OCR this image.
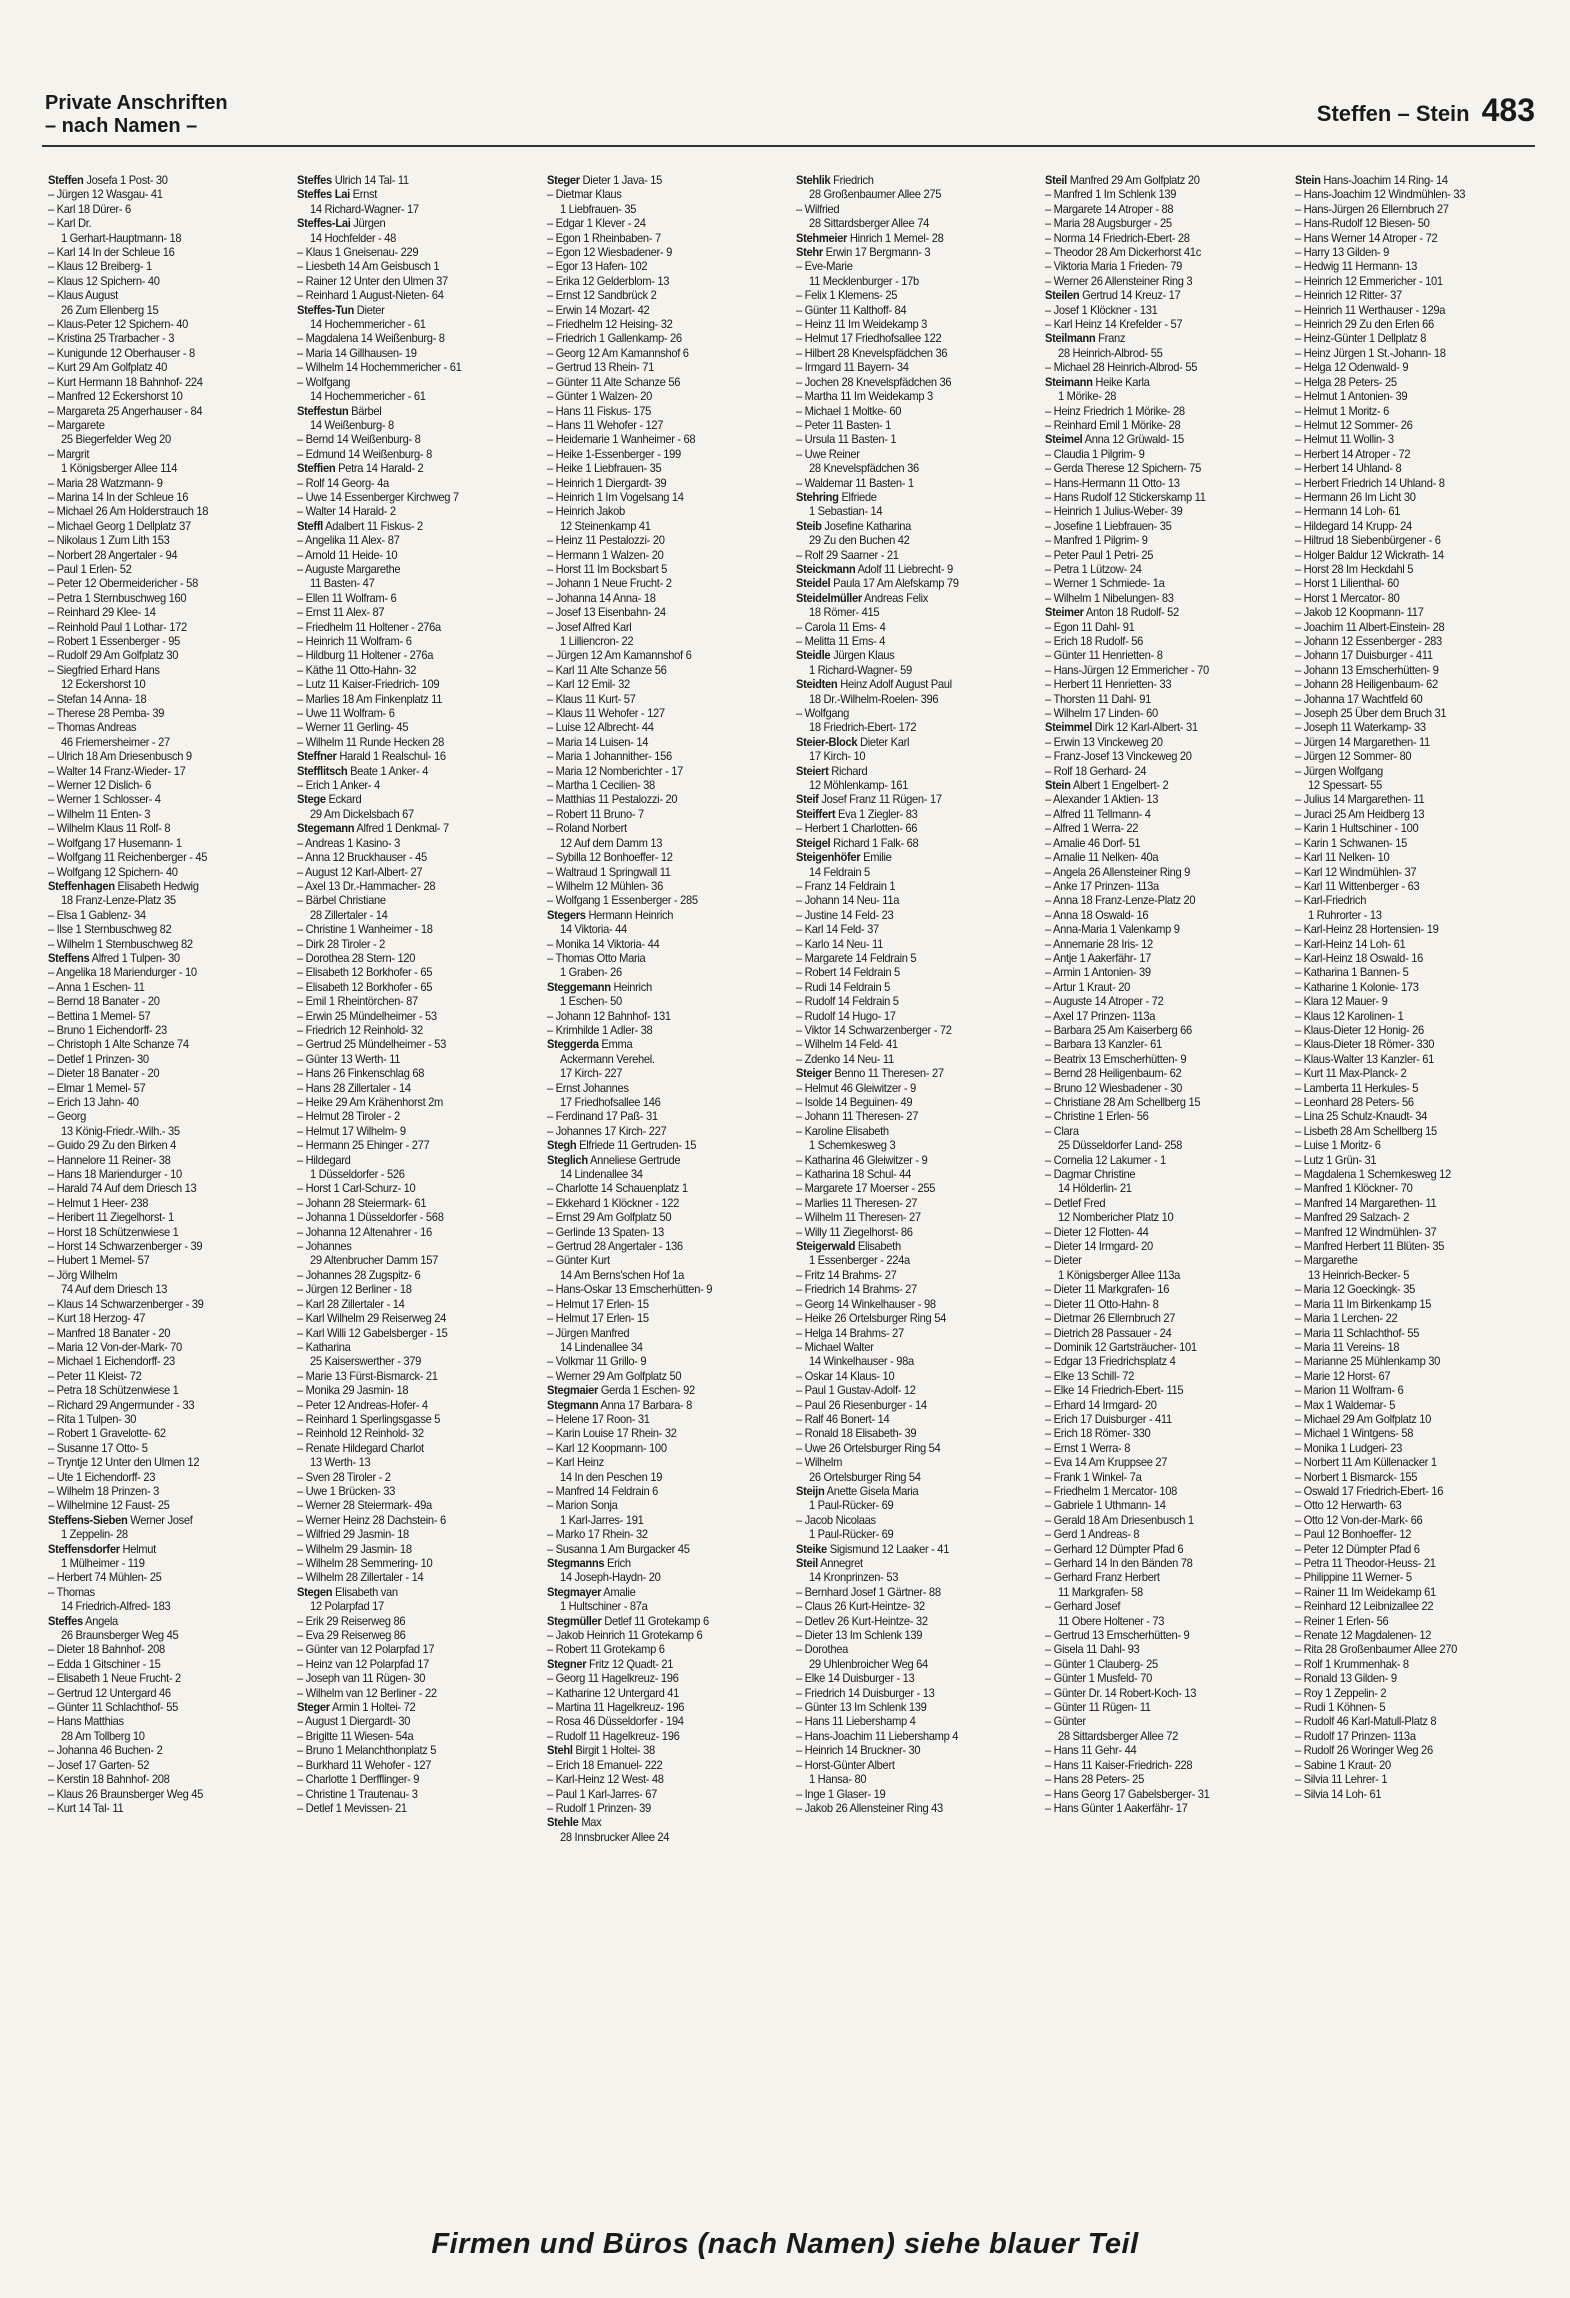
Private Anschriften
– nach Namen –	Steffen – Stein 483
Steffen Josefa 1 Post- 30
– Jürgen 12 Wasgau- 41
– Karl 18 Dürer- 6
– Karl Dr.
1 Gerhart-Hauptmann- 18
– Karl 14 In der Schleue 16
– Klaus 12 Breiberg- 1
– Klaus 12 Spichern- 40
– Klaus August
26 Zum Ellenberg 15
– Klaus-Peter 12 Spichern- 40
– Kristina 25 Trarbacher - 3
– Kunigunde 12 Oberhauser - 8
– Kurt 29 Am Golfplatz 40
– Kurt Hermann 18 Bahnhof- 224
– Manfred 12 Eckershorst 10
– Margareta 25 Angerhauser - 84
– Margarete
25 Biegerfelder Weg 20
– Margrit
1 Königsberger Allee 114
– Maria 28 Watzmann- 9
– Marina 14 In der Schleue 16
– Michael 26 Am Holderstrauch 18
– Michael Georg 1 Dellplatz 37
– Nikolaus 1 Zum Lith 153
– Norbert 28 Angertaler - 94
– Paul 1 Erlen- 52
– Peter 12 Obermeidericher - 58
– Petra 1 Sternbuschweg 160
– Reinhard 29 Klee- 14
– Reinhold Paul 1 Lothar- 172
– Robert 1 Essenberger - 95
– Rudolf 29 Am Golfplatz 30
– Siegfried Erhard Hans
12 Eckershorst 10
– Stefan 14 Anna- 18
– Therese 28 Pemba- 39
– Thomas Andreas
46 Friemersheimer - 27
– Ulrich 18 Am Driesenbusch 9
– Walter 14 Franz-Wieder- 17
– Werner 12 Dislich- 6
– Werner 1 Schlosser- 4
– Wilhelm 11 Enten- 3
– Wilhelm Klaus 11 Rolf- 8
– Wolfgang 17 Husemann- 1
– Wolfgang 11 Reichenberger - 45
– Wolfgang 12 Spichern- 40
Steffenhagen Elisabeth Hedwig
18 Franz-Lenze-Platz 35
– Elsa 1 Gablenz- 34
– Ilse 1 Sternbuschweg 82
– Wilhelm 1 Sternbuschweg 82
Steffens Alfred 1 Tulpen- 30
– Angelika 18 Mariendurger - 10
– Anna 1 Eschen- 11
– Bernd 18 Banater - 20
– Bettina 1 Memel- 57
– Bruno 1 Eichendorff- 23
– Christoph 1 Alte Schanze 74
– Detlef 1 Prinzen- 30
– Dieter 18 Banater - 20
– Elmar 1 Memel- 57
– Erich 13 Jahn- 40
– Georg
13 König-Friedr.-Wilh.- 35
– Guido 29 Zu den Birken 4
– Hannelore 11 Reiner- 38
– Hans 18 Mariendurger - 10
– Harald 74 Auf dem Driesch 13
– Helmut 1 Heer- 238
– Heribert 11 Ziegelhorst- 1
– Horst 18 Schützenwiese 1
– Horst 14 Schwarzenberger - 39
– Hubert 1 Memel- 57
– Jörg Wilhelm
74 Auf dem Driesch 13
– Klaus 14 Schwarzenberger - 39
– Kurt 18 Herzog- 47
– Manfred 18 Banater - 20
– Maria 12 Von-der-Mark- 70
– Michael 1 Eichendorff- 23
– Peter 11 Kleist- 72
– Petra 18 Schützenwiese 1
– Richard 29 Angermunder - 33
– Rita 1 Tulpen- 30
– Robert 1 Gravelotte- 62
– Susanne 17 Otto- 5
– Tryntje 12 Unter den Ulmen 12
– Ute 1 Eichendorff- 23
– Wilhelm 18 Prinzen- 3
– Wilhelmine 12 Faust- 25
Steffens-Sieben Werner Josef
1 Zeppelin- 28
Steffensdorfer Helmut
1 Mülheimer - 119
– Herbert 74 Mühlen- 25
– Thomas
14 Friedrich-Alfred- 183
Steffes Angela
26 Braunsberger Weg 45
– Dieter 18 Bahnhof- 208
– Edda 1 Gitschiner - 15
– Elisabeth 1 Neue Frucht- 2
– Gertrud 12 Untergard 46
– Günter 11 Schlachthof- 55
– Hans Matthias
28 Am Tollberg 10
– Johanna 46 Buchen- 2
– Josef 17 Garten- 52
– Kerstin 18 Bahnhof- 208
– Klaus 26 Braunsberger Weg 45
– Kurt 14 Tal- 11
Steffes Ulrich 14 Tal- 11
Steffes Lai Ernst
14 Richard-Wagner- 17
Steffes-Lai Jürgen
14 Hochfelder - 48
– Klaus 1 Gneisenau- 229
– Liesbeth 14 Am Geisbusch 1
– Rainer 12 Unter den Ulmen 37
– Reinhard 1 August-Nieten- 64
Steffes-Tun Dieter
14 Hochemmericher - 61
– Magdalena 14 Weißenburg- 8
– Maria 14 Gillhausen- 19
– Wilhelm 14 Hochemmericher - 61
– Wolfgang
14 Hochemmericher - 61
Steffestun Bärbel
14 Weißenburg- 8
– Bernd 14 Weißenburg- 8
– Edmund 14 Weißenburg- 8
Steffien Petra 14 Harald- 2
– Rolf 14 Georg- 4a
– Uwe 14 Essenberger Kirchweg 7
– Walter 14 Harald- 2
Steffl Adalbert 11 Fiskus- 2
– Angelika 11 Alex- 87
– Arnold 11 Heide- 10
– Auguste Margarethe
11 Basten- 47
– Ellen 11 Wolfram- 6
– Ernst 11 Alex- 87
– Friedhelm 11 Holtener - 276a
– Heinrich 11 Wolfram- 6
– Hildburg 11 Holtener - 276a
– Käthe 11 Otto-Hahn- 32
– Lutz 11 Kaiser-Friedrich- 109
– Marlies 18 Am Finkenplatz 11
– Uwe 11 Wolfram- 6
– Werner 11 Gerling- 45
– Wilhelm 11 Runde Hecken 28
Steffner Harald 1 Realschul- 16
Stefflitsch Beate 1 Anker- 4
– Erich 1 Anker- 4
Stege Eckard
29 Am Dickelsbach 67
Stegemann Alfred 1 Denkmal- 7
– Andreas 1 Kasino- 3
– Anna 12 Bruckhauser - 45
– August 12 Karl-Albert- 27
– Axel 13 Dr.-Hammacher- 28
– Bärbel Christiane
28 Zillertaler - 14
– Christine 1 Wanheimer - 18
– Dirk 28 Tiroler - 2
– Dorothea 28 Stern- 120
– Elisabeth 12 Borkhofer - 65
– Elisabeth 12 Borkhofer - 65
– Emil 1 Rheintörchen- 87
– Erwin 25 Mündelheimer - 53
– Friedrich 12 Reinhold- 32
– Gertrud 25 Mündelheimer - 53
– Günter 13 Werth- 11
– Hans 26 Finkenschlag 68
– Hans 28 Zillertaler - 14
– Heike 29 Am Krähenhorst 2m
– Helmut 28 Tiroler - 2
– Helmut 17 Wilhelm- 9
– Hermann 25 Ehinger - 277
– Hildegard
1 Düsseldorfer - 526
– Horst 1 Carl-Schurz- 10
– Johann 28 Steiermark- 61
– Johanna 1 Düsseldorfer - 568
– Johanna 12 Altenahrer - 16
– Johannes
29 Altenbrucher Damm 157
– Johannes 28 Zugspitz- 6
– Jürgen 12 Berliner - 18
– Karl 28 Zillertaler - 14
– Karl Wilhelm 29 Reiserweg 24
– Karl Willi 12 Gabelsberger - 15
– Katharina
25 Kaiserswerther - 379
– Marie 13 Fürst-Bismarck- 21
– Monika 29 Jasmin- 18
– Peter 12 Andreas-Hofer- 4
– Reinhard 1 Sperlingsgasse 5
– Reinhold 12 Reinhold- 32
– Renate Hildegard Charlot
13 Werth- 13
– Sven 28 Tiroler - 2
– Uwe 1 Brücken- 33
– Werner 28 Steiermark- 49a
– Werner Heinz 28 Dachstein- 6
– Wilfried 29 Jasmin- 18
– Wilhelm 29 Jasmin- 18
– Wilhelm 28 Semmering- 10
– Wilhelm 28 Zillertaler - 14
Stegen Elisabeth van
12 Polarpfad 17
– Erik 29 Reiserweg 86
– Eva 29 Reiserweg 86
– Günter van 12 Polarpfad 17
– Heinz van 12 Polarpfad 17
– Joseph van 11 Rügen- 30
– Wilhelm van 12 Berliner - 22
Steger Armin 1 Holtei- 72
– August 1 Diergardt- 30
– Brigitte 11 Wiesen- 54a
– Bruno 1 Melanchthonplatz 5
– Burkhard 11 Wehofer - 127
– Charlotte 1 Derfflinger- 9
– Christine 1 Trautenau- 3
– Detlef 1 Mevissen- 21
Steger Dieter 1 Java- 15
– Dietmar Klaus
1 Liebfrauen- 35
– Edgar 1 Klever - 24
– Egon 1 Rheinbaben- 7
– Egon 12 Wiesbadener- 9
– Egor 13 Hafen- 102
– Erika 12 Gelderblom- 13
– Ernst 12 Sandbrück 2
– Erwin 14 Mozart- 42
– Friedhelm 12 Heising- 32
– Friedrich 1 Gallenkamp- 26
– Georg 12 Am Kamannshof 6
– Gertrud 13 Rhein- 71
– Günter 11 Alte Schanze 56
– Günter 1 Walzen- 20
– Hans 11 Fiskus- 175
– Hans 11 Wehofer - 127
– Heidemarie 1 Wanheimer - 68
– Heike 1-Essenberger - 199
– Heike 1 Liebfrauen- 35
– Heinrich 1 Diergardt- 39
– Heinrich 1 Im Vogelsang 14
– Heinrich Jakob
12 Steinenkamp 41
– Heinz 11 Pestalozzi- 20
– Hermann 1 Walzen- 20
– Horst 11 Im Bocksbart 5
– Johann 1 Neue Frucht- 2
– Johanna 14 Anna- 18
– Josef 13 Eisenbahn- 24
– Josef Alfred Karl
1 Lilliencron- 22
– Jürgen 12 Am Kamannshof 6
– Karl 11 Alte Schanze 56
– Karl 12 Emil- 32
– Klaus 11 Kurt- 57
– Klaus 11 Wehofer - 127
– Luise 12 Albrecht- 44
– Maria 14 Luisen- 14
– Maria 1 Johannither- 156
– Maria 12 Nomberichter - 17
– Martha 1 Cecilien- 38
– Matthias 11 Pestalozzi- 20
– Robert 11 Bruno- 7
– Roland Norbert
12 Auf dem Damm 13
– Sybilla 12 Bonhoeffer- 12
– Waltraud 1 Springwall 11
– Wilhelm 12 Mühlen- 36
– Wolfgang 1 Essenberger - 285
Stegers Hermann Heinrich
14 Viktoria- 44
– Monika 14 Viktoria- 44
– Thomas Otto Maria
1 Graben- 26
Steggemann Heinrich
1 Eschen- 50
– Johann 12 Bahnhof- 131
– Krimhilde 1 Adler- 38
Steggerda Emma
Ackermann Verehel.
17 Kirch- 227
– Ernst Johannes
17 Friedhofsallee 146
– Ferdinand 17 Paß- 31
– Johannes 17 Kirch- 227
Stegh Elfriede 11 Gertruden- 15
Steglich Anneliese Gertrude
14 Lindenallee 34
– Charlotte 14 Schauenplatz 1
– Ekkehard 1 Klöckner - 122
– Ernst 29 Am Golfplatz 50
– Gerlinde 13 Spaten- 13
– Gertrud 28 Angertaler - 136
– Günter Kurt
14 Am Berns'schen Hof 1a
– Hans-Oskar 13 Emscherhütten- 9
– Helmut 17 Erlen- 15
– Helmut 17 Erlen- 15
– Jürgen Manfred
14 Lindenallee 34
– Volkmar 11 Grillo- 9
– Werner 29 Am Golfplatz 50
Stegmaier Gerda 1 Eschen- 92
Stegmann Anna 17 Barbara- 8
– Helene 17 Roon- 31
– Karin Louise 17 Rhein- 32
– Karl 12 Koopmann- 100
– Karl Heinz
14 In den Peschen 19
– Manfred 14 Feldrain 6
– Marion Sonja
1 Karl-Jarres- 191
– Marko 17 Rhein- 32
– Susanna 1 Am Burgacker 45
Stegmanns Erich
14 Joseph-Haydn- 20
Stegmayer Amalie
1 Hultschiner - 87a
Stegmüller Detlef 11 Grotekamp 6
– Jakob Heinrich 11 Grotekamp 6
– Robert 11 Grotekamp 6
Stegner Fritz 12 Quadt- 21
– Georg 11 Hagelkreuz- 196
– Katharine 12 Untergard 41
– Martina 11 Hagelkreuz- 196
– Rosa 46 Düsseldorfer - 194
– Rudolf 11 Hagelkreuz- 196
Stehl Birgit 1 Holtei- 38
– Erich 18 Emanuel- 222
– Karl-Heinz 12 West- 48
– Paul 1 Karl-Jarres- 67
– Rudolf 1 Prinzen- 39
Stehle Max
28 Innsbrucker Allee 24
Stehlik Friedrich
28 Großenbaumer Allee 275
– Wilfried
28 Sittardsberger Allee 74
Stehmeier Hinrich 1 Memel- 28
Stehr Erwin 17 Bergmann- 3
– Eve-Marie
11 Mecklenburger - 17b
– Felix 1 Klemens- 25
– Günter 11 Kalthoff- 84
– Heinz 11 Im Weidekamp 3
– Helmut 17 Friedhofsallee 122
– Hilbert 28 Knevelspfädchen 36
– Irmgard 11 Bayern- 34
– Jochen 28 Knevelspfädchen 36
– Martha 11 Im Weidekamp 3
– Michael 1 Moltke- 60
– Peter 11 Basten- 1
– Ursula 11 Basten- 1
– Uwe Reiner
28 Knevelspfädchen 36
– Waldemar 11 Basten- 1
Stehring Elfriede
1 Sebastian- 14
Steib Josefine Katharina
29 Zu den Buchen 42
– Rolf 29 Saarner - 21
Steickmann Adolf 11 Liebrecht- 9
Steidel Paula 17 Am Alefskamp 79
Steidelmüller Andreas Felix
18 Römer- 415
– Carola 11 Ems- 4
– Melitta 11 Ems- 4
Steidle Jürgen Klaus
1 Richard-Wagner- 59
Steidten Heinz Adolf August Paul
18 Dr.-Wilhelm-Roelen- 396
– Wolfgang
18 Friedrich-Ebert- 172
Steier-Block Dieter Karl
17 Kirch- 10
Steiert Richard
12 Möhlenkamp- 161
Steif Josef Franz 11 Rügen- 17
Steiffert Eva 1 Ziegler- 83
– Herbert 1 Charlotten- 66
Steigel Richard 1 Falk- 68
Steigenhöfer Emilie
14 Feldrain 5
– Franz 14 Feldrain 1
– Johann 14 Neu- 11a
– Justine 14 Feld- 23
– Karl 14 Feld- 37
– Karlo 14 Neu- 11
– Margarete 14 Feldrain 5
– Robert 14 Feldrain 5
– Rudi 14 Feldrain 5
– Rudolf 14 Feldrain 5
– Rudolf 14 Hugo- 17
– Viktor 14 Schwarzenberger - 72
– Wilhelm 14 Feld- 41
– Zdenko 14 Neu- 11
Steiger Benno 11 Theresen- 27
– Helmut 46 Gleiwitzer - 9
– Isolde 14 Beguinen- 49
– Johann 11 Theresen- 27
– Karoline Elisabeth
1 Schemkesweg 3
– Katharina 46 Gleiwitzer - 9
– Katharina 18 Schul- 44
– Margarete 17 Moerser - 255
– Marlies 11 Theresen- 27
– Wilhelm 11 Theresen- 27
– Willy 11 Ziegelhorst- 86
Steigerwald Elisabeth
1 Essenberger - 224a
– Fritz 14 Brahms- 27
– Friedrich 14 Brahms- 27
– Georg 14 Winkelhauser - 98
– Heike 26 Ortelsburger Ring 54
– Helga 14 Brahms- 27
– Michael Walter
14 Winkelhauser - 98a
– Oskar 14 Klaus- 10
– Paul 1 Gustav-Adolf- 12
– Paul 26 Riesenburger - 14
– Ralf 46 Bonert- 14
– Ronald 18 Elisabeth- 39
– Uwe 26 Ortelsburger Ring 54
– Wilhelm
26 Ortelsburger Ring 54
Steijn Anette Gisela Maria
1 Paul-Rücker- 69
– Jacob Nicolaas
1 Paul-Rücker- 69
Steike Sigismund 12 Laaker - 41
Steil Annegret
14 Kronprinzen- 53
– Bernhard Josef 1 Gärtner- 88
– Claus 26 Kurt-Heintze- 32
– Detlev 26 Kurt-Heintze- 32
– Dieter 13 Im Schlenk 139
– Dorothea
29 Uhlenbroicher Weg 64
– Elke 14 Duisburger - 13
– Friedrich 14 Duisburger - 13
– Günter 13 Im Schlenk 139
– Hans 11 Liebershamp 4
– Hans-Joachim 11 Liebershamp 4
– Heinrich 14 Bruckner- 30
– Horst-Günter Albert
1 Hansa- 80
– Inge 1 Glaser- 19
– Jakob 26 Allensteiner Ring 43
Steil Manfred 29 Am Golfplatz 20
– Manfred 1 Im Schlenk 139
– Margarete 14 Atroper - 88
– Maria 28 Augsburger - 25
– Norma 14 Friedrich-Ebert- 28
– Theodor 28 Am Dickerhorst 41c
– Viktoria Maria 1 Frieden- 79
– Werner 26 Allensteiner Ring 3
Steilen Gertrud 14 Kreuz- 17
– Josef 1 Klöckner - 131
– Karl Heinz 14 Krefelder - 57
Steilmann Franz
28 Heinrich-Albrod- 55
– Michael 28 Heinrich-Albrod- 55
Steimann Heike Karla
1 Mörike- 28
– Heinz Friedrich 1 Mörike- 28
– Reinhard Emil 1 Mörike- 28
Steimel Anna 12 Grüwald- 15
– Claudia 1 Pilgrim- 9
– Gerda Therese 12 Spichern- 75
– Hans-Hermann 11 Otto- 13
– Hans Rudolf 12 Stickerskamp 11
– Heinrich 1 Julius-Weber- 39
– Josefine 1 Liebfrauen- 35
– Manfred 1 Pilgrim- 9
– Peter Paul 1 Petri- 25
– Petra 1 Lützow- 24
– Werner 1 Schmiede- 1a
– Wilhelm 1 Nibelungen- 83
Steimer Anton 18 Rudolf- 52
– Egon 11 Dahl- 91
– Erich 18 Rudolf- 56
– Günter 11 Henrietten- 8
– Hans-Jürgen 12 Emmericher - 70
– Herbert 11 Henrietten- 33
– Thorsten 11 Dahl- 91
– Wilhelm 17 Linden- 60
Steimmel Dirk 12 Karl-Albert- 31
– Erwin 13 Vinckeweg 20
– Franz-Josef 13 Vinckeweg 20
– Rolf 18 Gerhard- 24
Stein Albert 1 Engelbert- 2
– Alexander 1 Aktien- 13
– Alfred 11 Tellmann- 4
– Alfred 1 Werra- 22
– Amalie 46 Dorf- 51
– Amalie 11 Nelken- 40a
– Angela 26 Allensteiner Ring 9
– Anke 17 Prinzen- 113a
– Anna 18 Franz-Lenze-Platz 20
– Anna 18 Oswald- 16
– Anna-Maria 1 Valenkamp 9
– Annemarie 28 Iris- 12
– Antje 1 Aakerfähr- 17
– Armin 1 Antonien- 39
– Artur 1 Kraut- 20
– Auguste 14 Atroper - 72
– Axel 17 Prinzen- 113a
– Barbara 25 Am Kaiserberg 66
– Barbara 13 Kanzler- 61
– Beatrix 13 Emscherhütten- 9
– Bernd 28 Heiligenbaum- 62
– Bruno 12 Wiesbadener - 30
– Christiane 28 Am Schellberg 15
– Christine 1 Erlen- 56
– Clara
25 Düsseldorfer Land- 258
– Cornelia 12 Lakumer - 1
– Dagmar Christine
14 Hölderlin- 21
– Detlef Fred
12 Nombericher Platz 10
– Dieter 12 Flotten- 44
– Dieter 14 Irmgard- 20
– Dieter
1 Königsberger Allee 113a
– Dieter 11 Markgrafen- 16
– Dieter 11 Otto-Hahn- 8
– Dietmar 26 Ellernbruch 27
– Dietrich 28 Passauer - 24
– Dominik 12 Gartsträucher- 101
– Edgar 13 Friedrichsplatz 4
– Elke 13 Schill- 72
– Elke 14 Friedrich-Ebert- 115
– Erhard 14 Irmgard- 20
– Erich 17 Duisburger - 411
– Erich 18 Römer- 330
– Ernst 1 Werra- 8
– Eva 14 Am Kruppsee 27
– Frank 1 Winkel- 7a
– Friedhelm 1 Mercator- 108
– Gabriele 1 Uthmann- 14
– Gerald 18 Am Driesenbusch 1
– Gerd 1 Andreas- 8
– Gerhard 12 Dümpter Pfad 6
– Gerhard 14 In den Bänden 78
– Gerhard Franz Herbert
11 Markgrafen- 58
– Gerhard Josef
11 Obere Holtener - 73
– Gertrud 13 Emscherhütten- 9
– Gisela 11 Dahl- 93
– Günter 1 Clauberg- 25
– Günter 1 Musfeld- 70
– Günter Dr. 14 Robert-Koch- 13
– Günter 11 Rügen- 11
– Günter
28 Sittardsberger Allee 72
– Hans 11 Gehr- 44
– Hans 11 Kaiser-Friedrich- 228
– Hans 28 Peters- 25
– Hans Georg 17 Gabelsberger- 31
– Hans Günter 1 Aakerfähr- 17
Stein Hans-Joachim 14 Ring- 14
– Hans-Joachim 12 Windmühlen- 33
– Hans-Jürgen 26 Ellernbruch 27
– Hans-Rudolf 12 Biesen- 50
– Hans Werner 14 Atroper - 72
– Harry 13 Gilden- 9
– Hedwig 11 Hermann- 13
– Heinrich 12 Emmericher - 101
– Heinrich 12 Ritter- 37
– Heinrich 11 Werthauser - 129a
– Heinrich 29 Zu den Erlen 66
– Heinz-Günter 1 Dellplatz 8
– Heinz Jürgen 1 St.-Johann- 18
– Helga 12 Odenwald- 9
– Helga 28 Peters- 25
– Helmut 1 Antonien- 39
– Helmut 1 Moritz- 6
– Helmut 12 Sommer- 26
– Helmut 11 Wollin- 3
– Herbert 14 Atroper - 72
– Herbert 14 Uhland- 8
– Herbert Friedrich 14 Uhland- 8
– Hermann 26 Im Licht 30
– Hermann 14 Loh- 61
– Hildegard 14 Krupp- 24
– Hiltrud 18 Siebenbürgener - 6
– Holger Baldur 12 Wickrath- 14
– Horst 28 Im Heckdahl 5
– Horst 1 Lilienthal- 60
– Horst 1 Mercator- 80
– Jakob 12 Koopmann- 117
– Joachim 11 Albert-Einstein- 28
– Johann 12 Essenberger - 283
– Johann 17 Duisburger - 411
– Johann 13 Emscherhütten- 9
– Johann 28 Heiligenbaum- 62
– Johanna 17 Wachtfeld 60
– Joseph 25 Über dem Bruch 31
– Joseph 11 Waterkamp- 33
– Jürgen 14 Margarethen- 11
– Jürgen 12 Sommer- 80
– Jürgen Wolfgang
12 Spessart- 55
– Julius 14 Margarethen- 11
– Juraci 25 Am Heidberg 13
– Karin 1 Hultschiner - 100
– Karin 1 Schwanen- 15
– Karl 11 Nelken- 10
– Karl 12 Windmühlen- 37
– Karl 11 Wittenberger - 63
– Karl-Friedrich
1 Ruhrorter - 13
– Karl-Heinz 28 Hortensien- 19
– Karl-Heinz 14 Loh- 61
– Karl-Heinz 18 Oswald- 16
– Katharina 1 Bannen- 5
– Katharine 1 Kolonie- 173
– Klara 12 Mauer- 9
– Klaus 12 Karolinen- 1
– Klaus-Dieter 12 Honig- 26
– Klaus-Dieter 18 Römer- 330
– Klaus-Walter 13 Kanzler- 61
– Kurt 11 Max-Planck- 2
– Lamberta 11 Herkules- 5
– Leonhard 28 Peters- 56
– Lina 25 Schulz-Knaudt- 34
– Lisbeth 28 Am Schellberg 15
– Luise 1 Moritz- 6
– Lutz 1 Grün- 31
– Magdalena 1 Schemkesweg 12
– Manfred 1 Klöckner- 70
– Manfred 14 Margarethen- 11
– Manfred 29 Salzach- 2
– Manfred 12 Windmühlen- 37
– Manfred Herbert 11 Blüten- 35
– Margarethe
13 Heinrich-Becker- 5
– Maria 12 Goeckingk- 35
– Maria 11 Im Birkenkamp 15
– Maria 1 Lerchen- 22
– Maria 11 Schlachthof- 55
– Maria 11 Vereins- 18
– Marianne 25 Mühlenkamp 30
– Marie 12 Horst- 67
– Marion 11 Wolfram- 6
– Max 1 Waldemar- 5
– Michael 29 Am Golfplatz 10
– Michael 1 Wintgens- 58
– Monika 1 Ludgeri- 23
– Norbert 11 Am Küllenacker 1
– Norbert 1 Bismarck- 155
– Oswald 17 Friedrich-Ebert- 16
– Otto 12 Herwarth- 63
– Otto 12 Von-der-Mark- 66
– Paul 12 Bonhoeffer- 12
– Peter 12 Dümpter Pfad 6
– Petra 11 Theodor-Heuss- 21
– Philippine 11 Werner- 5
– Rainer 11 Im Weidekamp 61
– Reinhard 12 Leibnizallee 22
– Reiner 1 Erlen- 56
– Renate 12 Magdalenen- 12
– Rita 28 Großenbaumer Allee 270
– Rolf 1 Krummenhak- 8
– Ronald 13 Gilden- 9
– Roy 1 Zeppelin- 2
– Rudi 1 Köhnen- 5
– Rudolf 46 Karl-Matull-Platz 8
– Rudolf 17 Prinzen- 113a
– Rudolf 26 Woringer Weg 26
– Sabine 1 Kraut- 20
– Silvia 11 Lehrer- 1
– Silvia 14 Loh- 61
Firmen und Büros (nach Namen) siehe blauer Teil
